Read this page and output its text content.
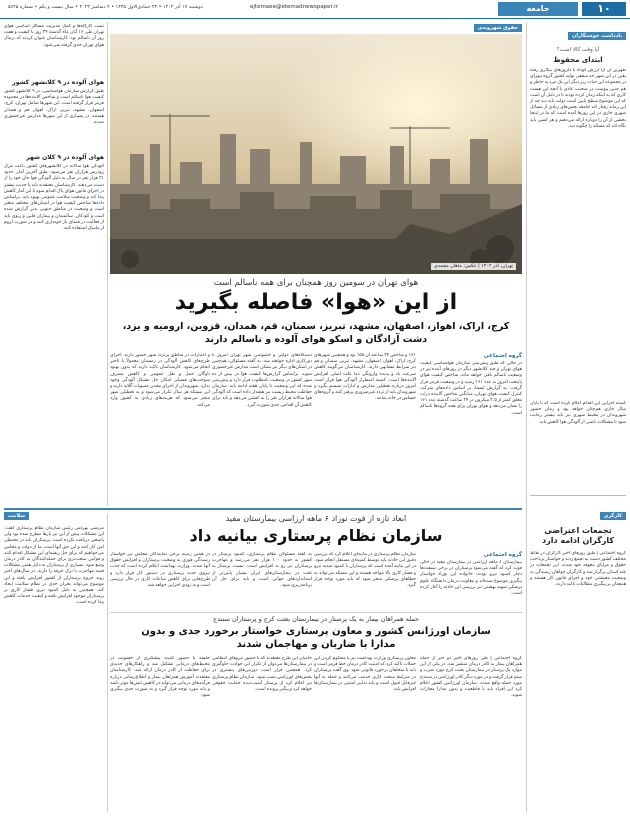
۱۰
جامعه
ejtemaee@etemadnewspaper.ir
دوشنبه ۱۷ آذر ۱۴۰۲ • ۲۴ جمادی‌الاول ۱۴۴۵ • ۴ دسامبر ۲۰۲۳ • سال بیست و یکم • شماره ۵۶۴۵
بادداشت خوشنگاران
آیا وقت کالا است؟
ابتدای محفوظ
طهرین آن آرا ارزش کوتاه یا دلزور‌های بیکاری رفته یقین در این شهر حد سقفی تولید کشور گروه بیوزای در مجموعه این حیات زیر دیگر این یک مرد به خاطر و هم چنین پیوست در صحبت عادی با آنچه این هست کاری که به اینکه زمان کرده بودند تا در دلیل آن است که این موضوع سطح پایین است دولت باید دید چه از این زمانه رفتار کند جامعه بخش‌های زیادی از مسائل شهری جاری در این روزها آمده است که ما در اینجا بخشی از آن را دوباره ارائه می‌دهیم و هر کسی باید نگاه کند که مسئله را چگونه دید.
کمیته اجرایی این اقدام اعلام کرده است که تا پایان سال جاری هم‌چنان خواهد بود و زمان حضور شهروندان در محیط شهری نیز باید بیشتر رعایت شود تا مشکلات ناشی از آلودگی هوا کاهش یابد.
کارگری
تجمعات اعتراضی کارگران ادامه دارد
گروه اجتماعی | طبق روزهای اخیر کارگران در نقاط مختلف کشور دست به تجمع زدند و خواستار پرداخت حقوق و مزایای معوقه خود شدند. این تجمعات در چند استان برگزار شد و کارگران خواهان رسیدگی به وضعیت معیشتی خود و اجرای قانون کار هستند و همچنان بر پیگیری مطالبات تاکید دارند.
حقوق شهروندی
تهران، آذر ۱۴۰۲ | عکس: ماهان محمدی
هوای تهران در سومین روز همچنان برای همه ناسالم است
از این «هوا» فاصله بگیرید
کرج، اراک، اهواز، اصفهان، مشهد، تبریز، سمنان، قم، همدان، قزوین، ارومیه و یزد، دشت آزادگان و اسکو هوای آلوده و ناسالم دارند
گروه اجتماعی
در حالی که طبق پیش‌بینی سازمان هواشناسی کیفیت هوای تهران و چند کلانشهر دیگر در روزهای آینده نیز در وضعیت ناسالم باقی خواهد ماند، شاخص کیفیت هوای پایتخت امروز به عدد ۱۶۱ رسید و در وضعیت قرمز قرار گرفت. به گزارش ایسنا، بر اساس داده‌های شرکت کنترل کیفیت هوای تهران، میانگین شاخص آلاینده ذرات معلق کمتر از ۲.۵ میکرون در ۲۴ ساعت گذشته عدد ۱۶۱ را نشان می‌دهد و هوای تهران برای همه گروه‌ها ناسالم است.
۱۶۱ و شاخص ۲۴ ساعته آن ۱۵۸ بود و همچنین شهرهای کرج، اراک، اهواز، اصفهان، مشهد، تبریز، سمنان و قم نیز شرایط مشابهی دارند. کارشناسان می‌گویند کاهش سرعت باد و پدیده وارونگی دما علت اصلی افزایش آلاینده‌ها است. کمیته اضطرار آلودگی هوا قرار است امروز درباره تعطیلی مدارس و ادارات تصمیم بگیرد و شهروندان باید از تردد غیرضروری پرهیز کنند و گروه‌های حساس در خانه بمانند.
دستگاه‌های دولتی و خصوصی شهر تهران امروز با دورکاری اداره خواهند شد. به گفته مسئولان، هم‌چنین در استان‌های دیگر نیز ممکن است مدارس غیرحضوری شوند. براساس گزارش‌ها کیفیت هوا در بیش از ده شهر کشور در وضعیت نامطلوب قرار دارد و پیش‌بینی شده که این وضعیت تا پایان هفته ادامه یابد. سازمان حفاظت محیط زیست نیز هشدار داده است که آلودگی هوا سالانه هزاران نفر را به کشتن می‌دهد و باید برای کاهش آن اقدامی جدی صورت گیرد.
و اعتبارات در مناطق پرتردد شهر حضور دارند. اجرای طرح‌های کاهش آلودگی در زمستان معمولاً با تاخیر انجام می‌شود. کارشناسان تاکید دارند که بدون بهبود ناوگان حمل و نقل عمومی و کاهش مصرف سوخت‌های فسیلی امکان حل مشکل آلودگی وجود ندارد. شهروندان از اجرای نشدن مصوبات گلایه دارند و این مسئله هر سال تکرار می‌شود و به تعطیلی شهر منجر می‌شود که هزینه‌های زیادی به کشور وارد می‌کند.
نصب کارگاه‌ها و کمک مدیریت مسائل اساسی هوای تهران طی ۱۶ آبان ماه گذشته ۳۴ روز با کیفیت و هفت روز آن ناسالم بود. کارشناسان عنوان کردند که نرمال هوای تهران جدی گرفته نمی‌شود.
هوای آلوده در ۹ کلانشهر کشور
طبق گزارش سازمان هواشناسی، در ۹ کلانشهر کشور کیفیت هوا ناسالم است و شاخص آلاینده‌ها در محدوده قرمز قرار گرفته است. این شهرها شامل تهران، کرج، اصفهان، مشهد، تبریز، اراک، اهواز، قم و همدان هستند. در بسیاری از این شهرها مدارس غیرحضوری شدند.
هوای آلوده در ۹ کلان شهر
آلودگی هوا سالانه در کلانشهرهای کشور باعث مرگ زودرس هزاران نفر می‌شود. طبق آخرین آمار، حدود ۲۱ هزار نفر در سال به دلیل آلودگی هوا جان خود را از دست می‌دهند. کارشناسان معتقدند باید با جدیت بیشتر در اجرای قانون هوای پاک اقدام شود تا این آمار کاهش پیدا کند و وضعیت سلامت عمومی بهبود یابد. براساس داده‌ها شاخص کیفیت هوا در استان‌های مختلف متغیر است و وضعیت در مناطق جنوبی بدتر گزارش شده است و کودکان، سالمندان و بیماران قلبی و ریوی باید از فعالیت در فضای باز خودداری کنند و در صورت لزوم از ماسک استفاده کنند.
سلامت	ابعاد تازه از فوت نوزاد ۶ ماهه ارزاسی بیمارستان مفید
سازمان نظام پرستاری بیانیه داد
گروه اجتماعی
بیمارستان ۶ ماهه ارزاسی در بیمارستان مفید در حالی فوت کرد که گفته می‌شود پرستاران در برخی شیفت‌ها دچار کمبود نیرو بودند. خانواده این نوزاد خواستار پیگیری موضوع شده‌اند و معاونت درمان دانشگاه علوم پزشکی شهید بهشتی نیز بررسی این حادثه را آغاز کرده است.
سازمان نظام پرستاری در بیانیه‌ای اعلام کرد که بررسی دقیق این حادثه باید توسط کمیته‌ای مستقل انجام شود. در این بیانیه آمده است که پرستاران با کمبود شدید نیرو و فشار کاری بالا مواجه هستند و این مسئله می‌تواند به خطاهای پزشکی منجر شود که باید مورد توجه قرار گیرد.
به گفته مسئولان نظام پرستاری، کمبود پرستار در کشور به حدود ۱۰۰ هزار نفر می‌رسد و مهاجرت پرستاران نیز رو به افزایش است. نسبت پرستار به تخت در بیمارستان‌های ایران بسیار پایین‌تر از استانداردهای جهانی است و باید برای حل آن برنامه‌ریزی شود.
در همین زمینه برخی نمایندگان مجلس نیز خواستار رسیدگی فوری به وضعیت پرستاران و افزایش حقوق آنها شدند. وزارت بهداشت اعلام کرده است که جذب نیروی جدید پرستاری در دستور کار قرار دارد و طرح‌هایی برای کاهش ساعات کاری در حال بررسی است و به زودی اجرایی خواهد شد.
حمله همراهان بیمار به یک پرستار در بیمارستان بعثت کرج و پرستاران سنندج
سازمان اورژانس کشور و معاون پرستاری خواستار برخورد جدی و بدون مدارا با ضاربان و مهاجمان شدند
گروه اجتماعی | طی روزهای اخیر دو خبر از حمله همراهان بیمار به کادر درمان منتشر شد. در یکی از این موارد یک پرستار در بیمارستان بعثت کرج مورد ضرب و شتم قرار گرفت و در مورد دیگر کادر اورژانس در سنندج مورد حمله واقع شدند. سازمان اورژانس کشور اعلام کرد این افراد باید با قاطعیت و بدون مدارا مجازات شوند.
معاون پرستاری وزارت بهداشت نیز با محکوم کردن این حملات تاکید کرد که امنیت کادر درمان خط قرمز است و باید با متخلفان برخورد قانونی شود. وی گفت پرستاران در شرایط سخت کاری خدمت می‌کنند و حمله به آنها غیرقابل قبول است و باید تدابیر امنیتی در بیمارستان‌ها افزایش یابد.
حامیان این طرح معتقدند که با حضور نیروهای انتظامی در بیمارستان‌ها می‌توان از تکرار این حوادث جلوگیری کرد. همچنین قرار است دوربین‌های بیشتری در بخش‌های اورژانس نصب شود. سازمان نظام پرستاری نیز اعلام کرد از پرستار آسیب‌دیده حمایت حقوقی خواهد کرد و پیگیر پرونده است.
جلسه با حضور کمیته پیشگیری از خشونت در محیط‌های درمانی تشکیل شد و راهکارهای جدیدی برای حفاظت از کادر درمان ارائه شد. کارشناسان معتقدند آموزش همراهان بیمار و اطلاع‌رسانی درباره فرآیندهای درمانی می‌تواند در کاهش تنش‌ها موثر باشد و باید مورد توجه قرار گیرد و به صورت جدی پیگیری شود.
مرتضی بهرامی رئیس سازمان نظام پرستاری گفت: این مشکلات پیش از این نیز بارها مطرح شده بود ولی پاسخی دریافت نکرده است. پرستاران باید در محیطی امن کار کنند و این حق آنها است. ما از دولت و مجلس می‌خواهیم که برای حل ریشه‌ای این مشکل اقدام کنند و قوانین سخت‌تری برای حمله‌کنندگان به کادر درمان وضع شود. بسیاری از پرستاران به دلیل همین مشکلات قصد مهاجرت یا ترک حرفه را دارند. در سال‌های اخیر روند خروج پرستاران از کشور افزایش یافته و این موضوع می‌تواند بحران جدی در نظام سلامت ایجاد کند. همچنین به دلیل کمبود نیرو، فشار کاری بر پرستاران موجود افزایش یافته و کیفیت خدمات کاهش پیدا کرده است.
